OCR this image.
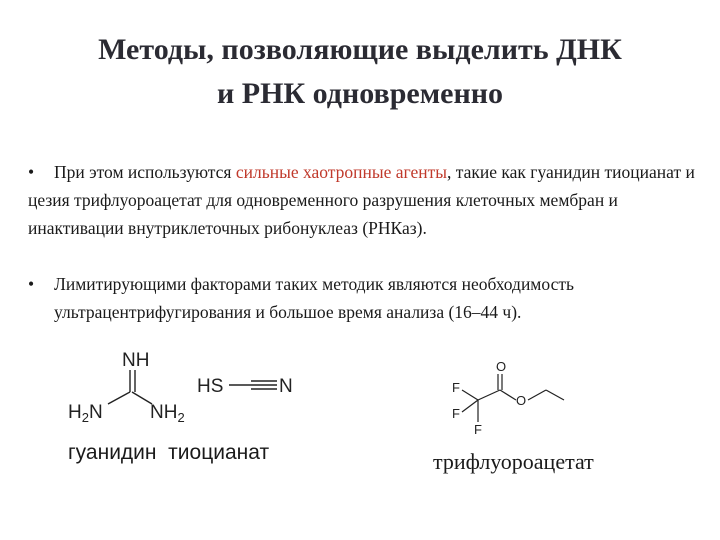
Методы, позволяющие выделить ДНК
и РНК одновременно
• При этом используются сильные хаотропные агенты, такие как гуанидин тиоцианат и цезия трифлуороацетат для одновременного разрушения клеточных мембран и инактивации внутриклеточных рибонуклеаз (РНКаз).
• Лимитирующими факторами таких методик являются необходимость
ультрацентрифугирования и большое время анализа (16–44 ч).
NH
$H_2N$ $NH_2$
HS	N	F
F
F
O
O
гуанидин  тиоцианат	трифлуороацетат
